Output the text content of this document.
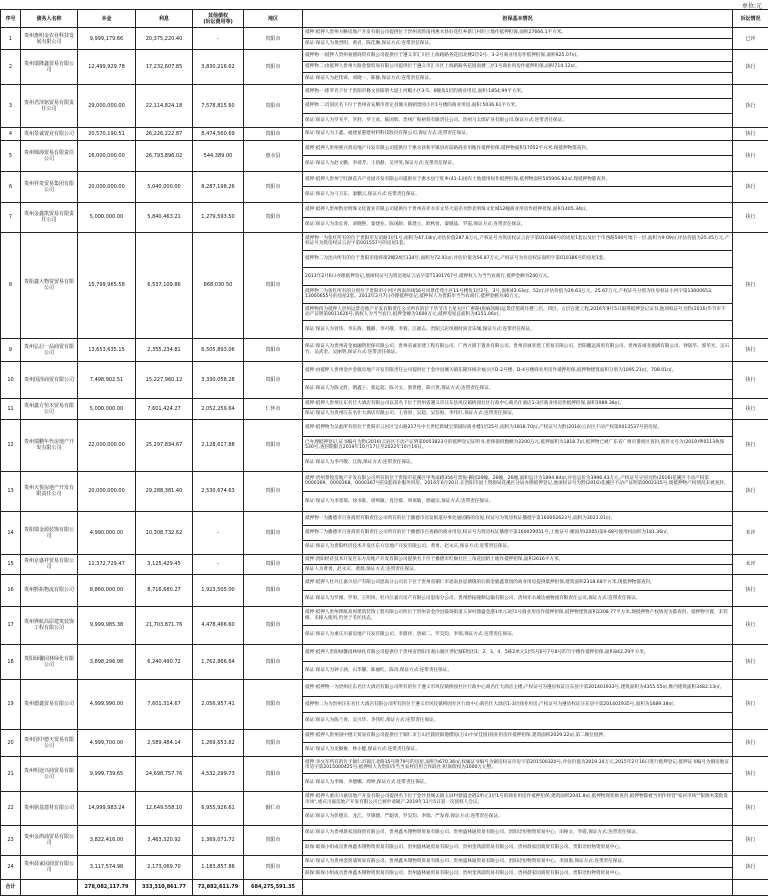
单位:元
序号	债务人名称	本金	利息	其他债权
(诉讼费用等)	地区	担保基本情况	诉讼情况
1	贵州惠明金农业科技发展有限公司	9,999,179.66	20,375,220.40	-	贵阳市	抵押:抵押人贵州方略房地产开发有限公司提供位于贵州省黔南州惠水县好花红乡新门村的土地作抵押担保,面积27666.1平方米。	已评
						保证:保证人为黄晋明、黄君、陈佳琳,保证方式:连带责任保证。	
2	贵州瑞隆鑫贸易有限公司	12,499,929.78	17,232,607.85	3,830,216.62	贵阳市	抵押物一:抵押人贵州豪德商贸有限公司提供位于遵义市汇川区上海路路各花园北楼2层2号、3-2号商业用房作抵押担保,面积925.07㎡。	执行
						抵押物二:由抵押人贵州大路金鼎贸易有限公司提供位于遵义市汇川区上海路路各花园南楼三层1号商业用房作抵押担保,面积714.12㎡。	
						保证:保证人为赵伟舜、刘晓一、陈静,保证方式:连带责任保证。	
3	贵州君泽铭贸易有限责任公司	29,000,000.00	22,114,824.18	7,578,815.60	贵阳市	抵押物一:係罗名下位于贵阳市修文县阳明大道上河畈小区3-5、6幢负1层的商业用房,面积:1854.99平方米。	执行
						抵押物二:肖国民名下位于贵州省安顺市普定县城关镇朝景园小区1号楼的商业用房,面积:5036.61平方米。	
						保证:保证人为罗先平、罗舒、罗上欢、陈国辉、贵州广和裕贸有限责任公司、贵州马太郎矿业有限公司,保证方式:连带责任保证。	
4	贵州景诚置业有限公司	20,570,190.51	26,226,222.87	8,474,560.69	贵阳市	保证:保证人为王鑫、福建星港建材料科技股份有限公司,保证方式:连带责任保证。	执行
5	贵州锦海贸易有限责任公司	16,000,000.00	26,793,896.02	544,389.00	惠水县	抵押:抵押人贵州惠兴鸿房地产开发有限公司提供位于惠水县和平镇县府前路商业用地作抵押担保,抵押物面积17052平方米,现抵押物都查封。	执行
						保证:保证人为赵文鹏、李舜芳、王俏静、吴世英,保证方式:连带责任保证。	
6	贵州祥贵贸易集团有限公司	20,000,000.00	5,040,000.00	8,287,198.26	贵阳市	抵押:抵押人贵州宁旺源花卉产业园开发有限公司提供位于惠水县宁旺乡(41-1)国有土地使用权作抵押担保,抵押物面积505906.82㎡,现抵押物都查封。	执行
						保证:保证人为刁卫东、秦鹏云,保证方式:连带责任保证。	
7	贵州金鑫凯贸易有限责任公司	5,000,000.00	5,840,463.21	1,279,593.50	贵阳市	抵押:抵押人贵州黔北明珠文化置业有限公司提供位于贵州省赤水市文华大道赤水黔北明珠文化城12幢商业用房作抵押担保,面积1405.34㎡。	执行
						保证:保证人为余长青、刘晓艳、秦建业、陈国龄、陈建立、欧秋恒、秦晓晶、罗霞,保证方式:连带责任保证。	
8	贵阳鑫大物资贸易有限公司	15,799,965.58	6,537,109.86	868,030.50	贵阳市	抵押物一为张红所有的位于贵阳市友谊路1层1号,面积为47.18㎡,评估价值287.8万元,产权证号为筑房权证云岩字第010386号的房屋1套以及位于市西路590号地下一层,面积为9.09㎡,评估价值为25.45万元,产权证号为筑房权证云岩字第001557号的房屋1套。	执行
						抵押物二为沈兵所有的位于贵阳市指挥街2幢24层134号,面积为72.91㎡,评估价值为56.87万元,产权证号为住房权证南明字第010386号的房屋1套。	
						2013年2月6日办理抵押登记,他项权证号为筑房他证云岩字第T1301767号,抵押权人为当当农商行,抵押金额为240万元。	
						抵押物三为张红所有的分别位于贵阳市小河区西南环线56号风景佳苑小区11号楼负1层2号、3号,面积43.63㎡、52㎡,评估价值为29.63万元、25.67万元,产权证号分别为住房权证小河字第13000653、13000655号的房屋2套。2013年2月7日办理抵押登记,抵押权人为贵阳市当当农商行,抵押金额为40万元。	
						抵押物四为抵押人贵州远景房地产开发有限责任公司所有的位于毕节市七星关区广惠路(原麻园路)远景佳苑商住楼三层、四层、五层在建工程,2016年9月5日取得抵押登记证书,他项权证号为黔(2016)毕节市不动产证明第0011626号,债权人为当当农行,抵押金额为1600万元,抵押房屋总面积为4151.06㎡。	
						保证:保证人为曾伟、李东海、魏静、李可敬、李蓉、江福志、贵阳云岩凤凰时尚音乐城,保证方式:连带责任保证。	
9	贵州弘启一品商贸有限公司	13,653,635.15	2,355,234.81	6,505,893.06	贵阳市	保证:保证人为贵州省金福融资担保有限公司、贵州省诚亚建工程有限公司、广西方圆丰置业有限公司、贵州省诚亚建工贸易有限公司、贵阳鹏远商贸有限公司、贵州省诚亚烟酒有限公司、钟韬华、郭华光、吴石竹、吴武金、吴丽明,保证方式:连带责任保证。	执行
10	贵州国泽商贸有限公司	7,498,902.51	15,227,960.12	3,330,058.28	贵阳市	抵押:由抵押人贵州金沙金敏房地产开发有限责任公司提供位于金沙县城关镇东隆环线幸福小区D-2号楼、D-4号楼商业用房作抵押担保,抵押物建筑面积分别为1095.21㎡、708.01㎡。	执行
						保证:保证人为陈文胜、钢鑫子、蔡远超、陈兴文、郭贵德、陈兴贵,保证方式:连带责任保证。	
11	贵州鑫方恒木贸易有限公司	5,000,000.00	7,601,424.27	2,052,259.64	仁怀市	抵押:抵押人贵州汪东名仕大酒店有限公司以其名下位于贵州省遵义市汪东县风仪镇桥园社区行政中心商名仕酒店1-3层商业用房作抵押担保,面积1989.38㎡。	执行
						保证:保证人为贵州汪东名仕大酒店有限公司、王春原、吴超、吴信海、李伟红,保证方式:连带责任保证。	
12	贵州瑞鹏年代房地产开发有限公司	22,000,000.00	25,297,834.67	2,128,617.88	贵阳市	抵押:抵押物为吴彪所有的位于贵阳市云岩区宝山路217号中天世纪新城宝瑞国际商业楼1层25号,面积为1818.70㎡,产权证号为黔(2016)云岩区不动产权第0013537号的房屋。	执行
						已办理抵押登记,证书编号为黔(2016)云岩区不动产证明第0053823号的抵押登记证明书,担保债权数额为2200万元,抵押面积为1818.7㎡,抵押物已被广东省广州市番禺区查封,查封文号为(2019)粤0113执保530号,查封期限自2019年10月17日至2022年10月16日。	
						保证:保证人为李可敬、江海,保证方式:连带责任保证。	
13	贵州天悦房地产开发有限责任公司	20,000,000.00	29,288,381.40	2,530,674.63	贵阳市	抵押:贵州景悦房地产开发有限公司所有的位于贵阳市花溪区甲秀南路356号景悦·御园26幢、26幢、26幢,面积总计为1894.84㎡,评估总价为3996.43万元,产权证号分别为黔(2016)花溪区不动产权第0000369、0000368、0000367号的3套商业服务用房。2016年6月20日,在贵阳市国土资源局花溪区分局办理抵押登记,他项权证号为黔(2016)花溪区不动产证明第0002315号,现抵押物产权情况未被查封。	执行
						保证:保证人为李景瑞、徐书淮、周鸣敏、肖臣群、周承敏、郭福宗,保证方式:连带责任保证。	
14	贵阳瑞金源装饰有限公司	4,990,000.00	10,308,732.62	-	贵阳市	抵押物一为播德市百喜商贸有限责任公司所有的位于播德市省发街道办事处通园路的房屋,权证号为筑房权证播德字第160002623号,面积为3021.01㎡。	未评
						抵押物二为播德市百喜商贸有限责任公司所有的位于播德市百喜路的商业用房,权证号为筑房权证播德字第160029051号,土地证号:播国用(2005)第II-68号使用权面积为181.36㎡。	
						保证:保证人为贵阳经济技术开发区东方房地产开发有限公司、黄勇、赵永庆,保证方式:连带责任保证。	
15	贵州京盛祥贸易有限公司	11,372,729.47	3,125,429.45	-	贵阳市	抵押:贵阳经济技术开发区东方房地产开发有限公司提供名下位于播德市红枫社区三角花园的土地作抵押担保,面积2616平方米。	未评
						保证人为黄勇、赵永庆、黄群,保证方式:连带责任保证。	
16	贵州黔拓物流有限公司	8,860,000.00	8,716,680.27	1,923,505.00	贵阳市	抵押:抵押人杜丹江嘉兴房产有限公司思南分公司名下位于贵州省铜仁市思南县思塘镇的后街金鹿鑫景园的商业用房提供抵押担保,建筑面积2318.68平方米,现抵押物都查封。	执行
						保证:保证人为罗刚、罗勇、王明凤、杜丹江嘉兴房产有限公司思南分公司、贵州黔拓隆顺运输有限公司、贵州赤水城达丽物流有限责任公司,保证方式:连带责任保证。	
17	贵州铧航高原建筑装饰工程有限公司	9,999,985.38	21,703,871.76	4,478,466.60	贵阳市	抵押:抵押人贵州铧航高原建筑装饰工程有限公司所位于贵州省金沙县鼓场街道玉屏村鼎盛金港1单元3层1号商业用房作抵押担保,抵押物建筑面积2308.77平方米,现抵押物产权情况为都查封。抵押物空置、未装修、未移入使用,仍处于毛坯状态。	执行
						保证:保证人为重庆川嘉房地产开发有限公司、李鼎祥、唐硕二、罗昊均、李瑞,保证方式:连带责任保证。	
18	贵阳绿馨园林绿化有限公司	3,898,296.98	6,240,490.72	1,762,866.64	贵阳市	抵押:抵押人贵阳绿馨园林绿化有限公司提供位于贵州省贵阳市观山湖区世纪城E组团1、2、3、4、5栋2单元1层5号6号7号8号的写字楼作抵押担保,面积842.29平方米。	执行
						保证:保证人为钟子涵、石华馨、陈丽红、陈涛,保证方式:连带责任保证。	
19	贵州德鑫贸易有限公司	4,999,990.00	7,601,314.67	2,056,957.41	贵阳市	抵押:抵押物一为贵州汪东名仕大酒店有限公司所有的位于遵义市风仪镇桥园社区行政中心商名仕大酒店主楼,产权证号为遵房权证汪东县字第201401933号,建筑面积为4355.55㎡,维内建筑面积3482.13㎡。	执行
						抵押物二为为贵州汪东名仕大酒店有限公司所有的位于遵义市风仪镇桥园社区行政中心商名仕大酒店1-3层商业用房,产权证号为遵房权证汪东县字第201401935号,面积为1689.38㎡。	
						保证:保证人为陈兰春、吴兴华、李伟红,保证方式:连带责任保证。	
20	贵州国中德天贸易有限公司	4,999,700.00	2,589,484.14	1,269,653.82	贵阳市	抵押:抵押人贵州国中德天贸易有限公司提供位于铜仁市万山区銘欣街地標房(万山中昇佳园)商业用房作抵押担保,建筑面积2029.22㎡,第二顺位抵押。	执行
						保证:保证人为龙佩俊、林小健,保证方式:连带责任保证。	
21	贵州明途兴商贸易有限公司	9,999,739.65	24,698,757.76	4,532,299.73	贵阳市	抵押:李文军所有的位于铜仁市锦江北路15号附79号的房屋,面积为670.36㎡,权属证书编号为铜房权证市房字第201500320号,评估价值为2019.34万元,2015年2月16日进行抵押登记,抵押证书编号为铜房他证市房字第2015000425号,抵押权人为贵阳市当当农村信用合作联社,担保债权为1000万元整。	执行
						保证:保证人为李俊、李德娜、周婷,保证方式:连带责任保证。	
22	贵州铭基建材有限公司	14,999,983.24	12,649,558.10	6,955,926.61	铜仁市	抵押:抵押人重庆川嘉房地产开发有限公司提供名下位于金沙县城关镇玉屏村鼎盛金港1单元1层1号的商业用房作抵押担保,建筑面积2041.8㎡,抵押物现状被查封,抵押物都被当用作经营"家居市场""银源木業批发市场",重庆川嘉房地产开发有限公司已被申请破产,2019年11月5日第一次债权人会议。	执行
						保证:保证人为彭德友、龙江、罗锦德、严聪勇、罗昊均、李瑞、严发春,保证方式:连带责任保证。	
23	贵州金鸿浦贸易有限公司	3,822,416.00	3,463,320.92	1,369,071.72	贵阳市	保证:保证人为贵州晨家园商贸有限公司、贵州鑫木翔物资贸易有限公司、贵州盛林通贸易有限公司、贵阳诠恒物资贸易中心、田俊文、罗霞,保证方式:连带责任保证。	执行
						联保:联保小组成员贵州鑫木翔物资贸易有限公司、贵州盛林通贸易有限公司、贵州金鸿浦贸易有限公司、贵州晨家园商贸有限公司、贵阳诠恒物资贸易中心。	
24	贵州晨家园商贸有限公司	3,117,574.98	2,173,069.70	1,183,857.88	贵阳市	保证:保证人为贵州金鸿浦贸易有限公司、贵州鑫木翔物资贸易有限公司、贵州盛林通贸易有限公司、贵阳诠恒物资贸易中心、李国康,保证方式:连带责任保证。	执行
						联保:联保小组成员贵州鑫木翔物资贸易有限公司、贵州盛林通贸易有限公司、贵州金鸿浦贸易有限公司、贵州晨家园商贸有限公司、贵阳诠恒物资贸易中心。	
合计		278,082,117.79	333,310,861.77	72,882,611.79	684,275,591.35		
